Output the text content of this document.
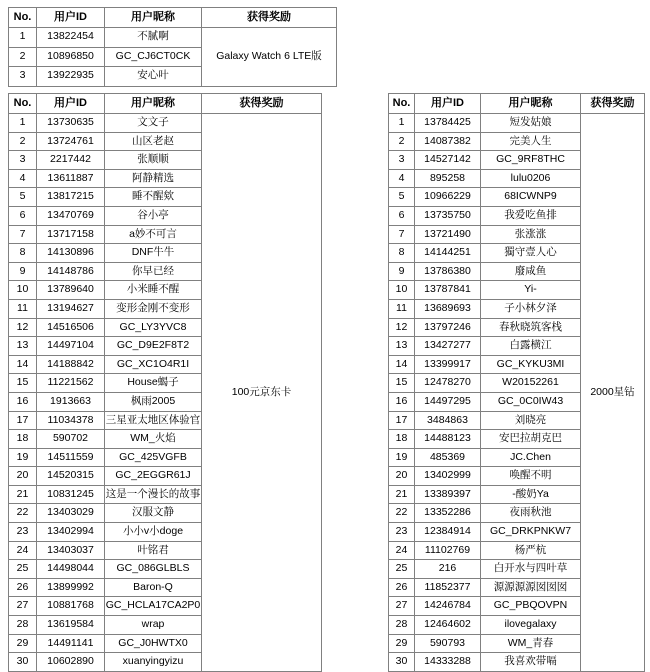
No.	用户ID	用户昵称	获得奖励
1	13822454	不腻啊	Galaxy Watch 6 LTE版
2	10896850	GC_CJ6CT0CK	
3	13922935	安心叶	
No.	用户ID	用户昵称	获得奖励
1	13730635	文文子	100元京东卡
2	13724761	山区老赵	
3	2217442	张顺顺	
4	13611887	阿静精选	
5	13817215	睡不醒欸	
6	13470769	谷小亭	
7	13717158	a妙不可言	
8	14130896	DNF牛牛	
9	14148786	你早已经	
10	13789640	小米睡不醒	
11	13194627	变形金刚不变形	
12	14516506	GC_LY3YVC8	
13	14497104	GC_D9E2F8T2	
14	14188842	GC_XC1O4R1I	
15	11221562	House蝎子	
16	1913663	枫雨2005	
17	11034378	三星亚太地区体验官	
18	590702	WM_火焰	
19	14511559	GC_425VGFB	
20	14520315	GC_2EGGR61J	
21	10831245	这是一个漫长的故事	
22	13403029	汉服文静	
23	13402994	小小v小doge	
24	13403037	叶铭君	
25	14498044	GC_086GLBLS	
26	13899992	Baron-Q	
27	10881768	GC_HCLA17CA2P0	
28	13619584	wrap	
29	14491141	GC_J0HWTX0	
30	10602890	xuanyingyizu	
No.	用户ID	用户昵称	获得奖励
1	13784425	短发姑娘	2000星钻
2	14087382	完美人生	
3	14527142	GC_9RF8THC	
4	895258	lulu0206	
5	10966229	68ICWNP9	
6	13735750	我爱吃鱼排	
7	13721490	张涨涨	
8	14144251	獨守壹人心	
9	13786380	廢咸鱼	
10	13787841	Yi-	
11	13689693	子小林夕泽	
12	13797246	春秋晓筑客栈	
13	13427277	白露横江	
14	13399917	GC_KYKU3MI	
15	12478270	W20152261	
16	14497295	GC_0C0IW43	
17	3484863	刘晓亮	
18	14488123	安巴拉胡克巴	
19	485369	JC.Chen	
20	13402999	唤醒不明	
21	13389397	-酸奶Ya	
22	13352286	夜雨秋池	
23	12384914	GC_DRKPNKW7	
24	11102769	杨严杭	
25	216	白开水与四叶草	
26	11852377	源源源源囡囡囡	
27	14246784	GC_PBQOVPN	
28	12464602	ilovegalaxy	
29	590793	WM_青春	
30	14333288	我喜欢带嗝	
